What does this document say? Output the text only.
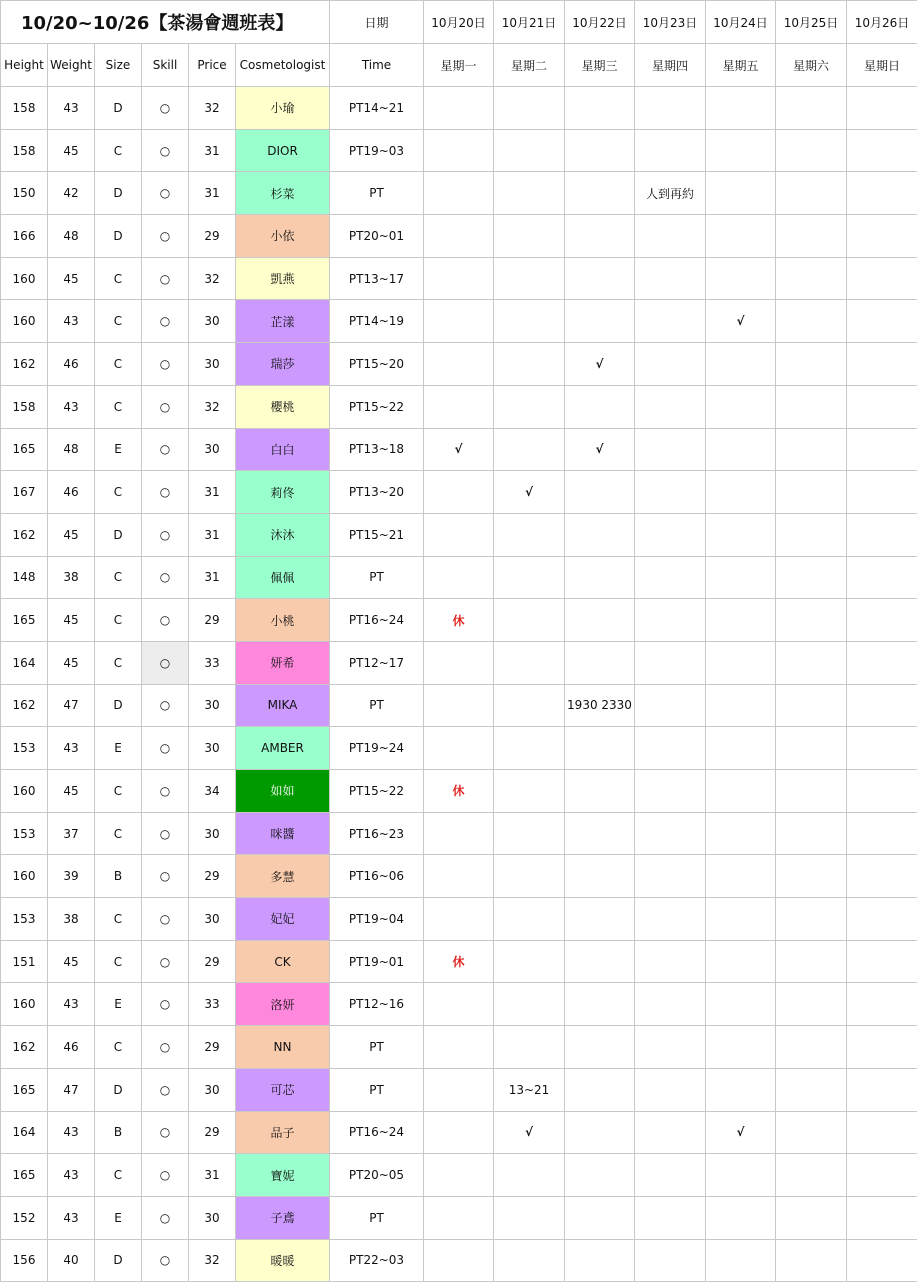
10/20~10/26【茶湯會週班表】						日期	10月20日	10月21日	10月22日	10月23日	10月24日	10月25日	10月26日
Height	Weight	Size	Skill	Price	Cosmetologist	Time	星期一	星期二	星期三	星期四	星期五	星期六	星期日
158	43	D	○	32	小瑜	PT14~21							
158	45	C	○	31	DIOR	PT19~03							
150	42	D	○	31	杉菜	PT				人到再約			
166	48	D	○	29	小依	PT20~01							
160	45	C	○	32	凱燕	PT13~17							
160	43	C	○	30	芷漾	PT14~19					√		
162	46	C	○	30	瑞莎	PT15~20			√				
158	43	C	○	32	櫻桃	PT15~22							
165	48	E	○	30	白白	PT13~18	√		√				
167	46	C	○	31	莉佟	PT13~20		√					
162	45	D	○	31	沐沐	PT15~21							
148	38	C	○	31	佩佩	PT							
165	45	C	○	29	小桃	PT16~24	休						
164	45	C	○	33	妍希	PT12~17							
162	47	D	○	30	MIKA	PT			1930 2330				
153	43	E	○	30	AMBER	PT19~24							
160	45	C	○	34	如如	PT15~22	休						
153	37	C	○	30	咪醬	PT16~23							
160	39	B	○	29	多慧	PT16~06							
153	38	C	○	30	妃妃	PT19~04							
151	45	C	○	29	CK	PT19~01	休						
160	43	E	○	33	洛妍	PT12~16							
162	46	C	○	29	NN	PT							
165	47	D	○	30	可芯	PT		13~21					
164	43	B	○	29	品子	PT16~24		√			√		
165	43	C	○	31	寶妮	PT20~05							
152	43	E	○	30	子鳶	PT							
156	40	D	○	32	暖暖	PT22~03							
